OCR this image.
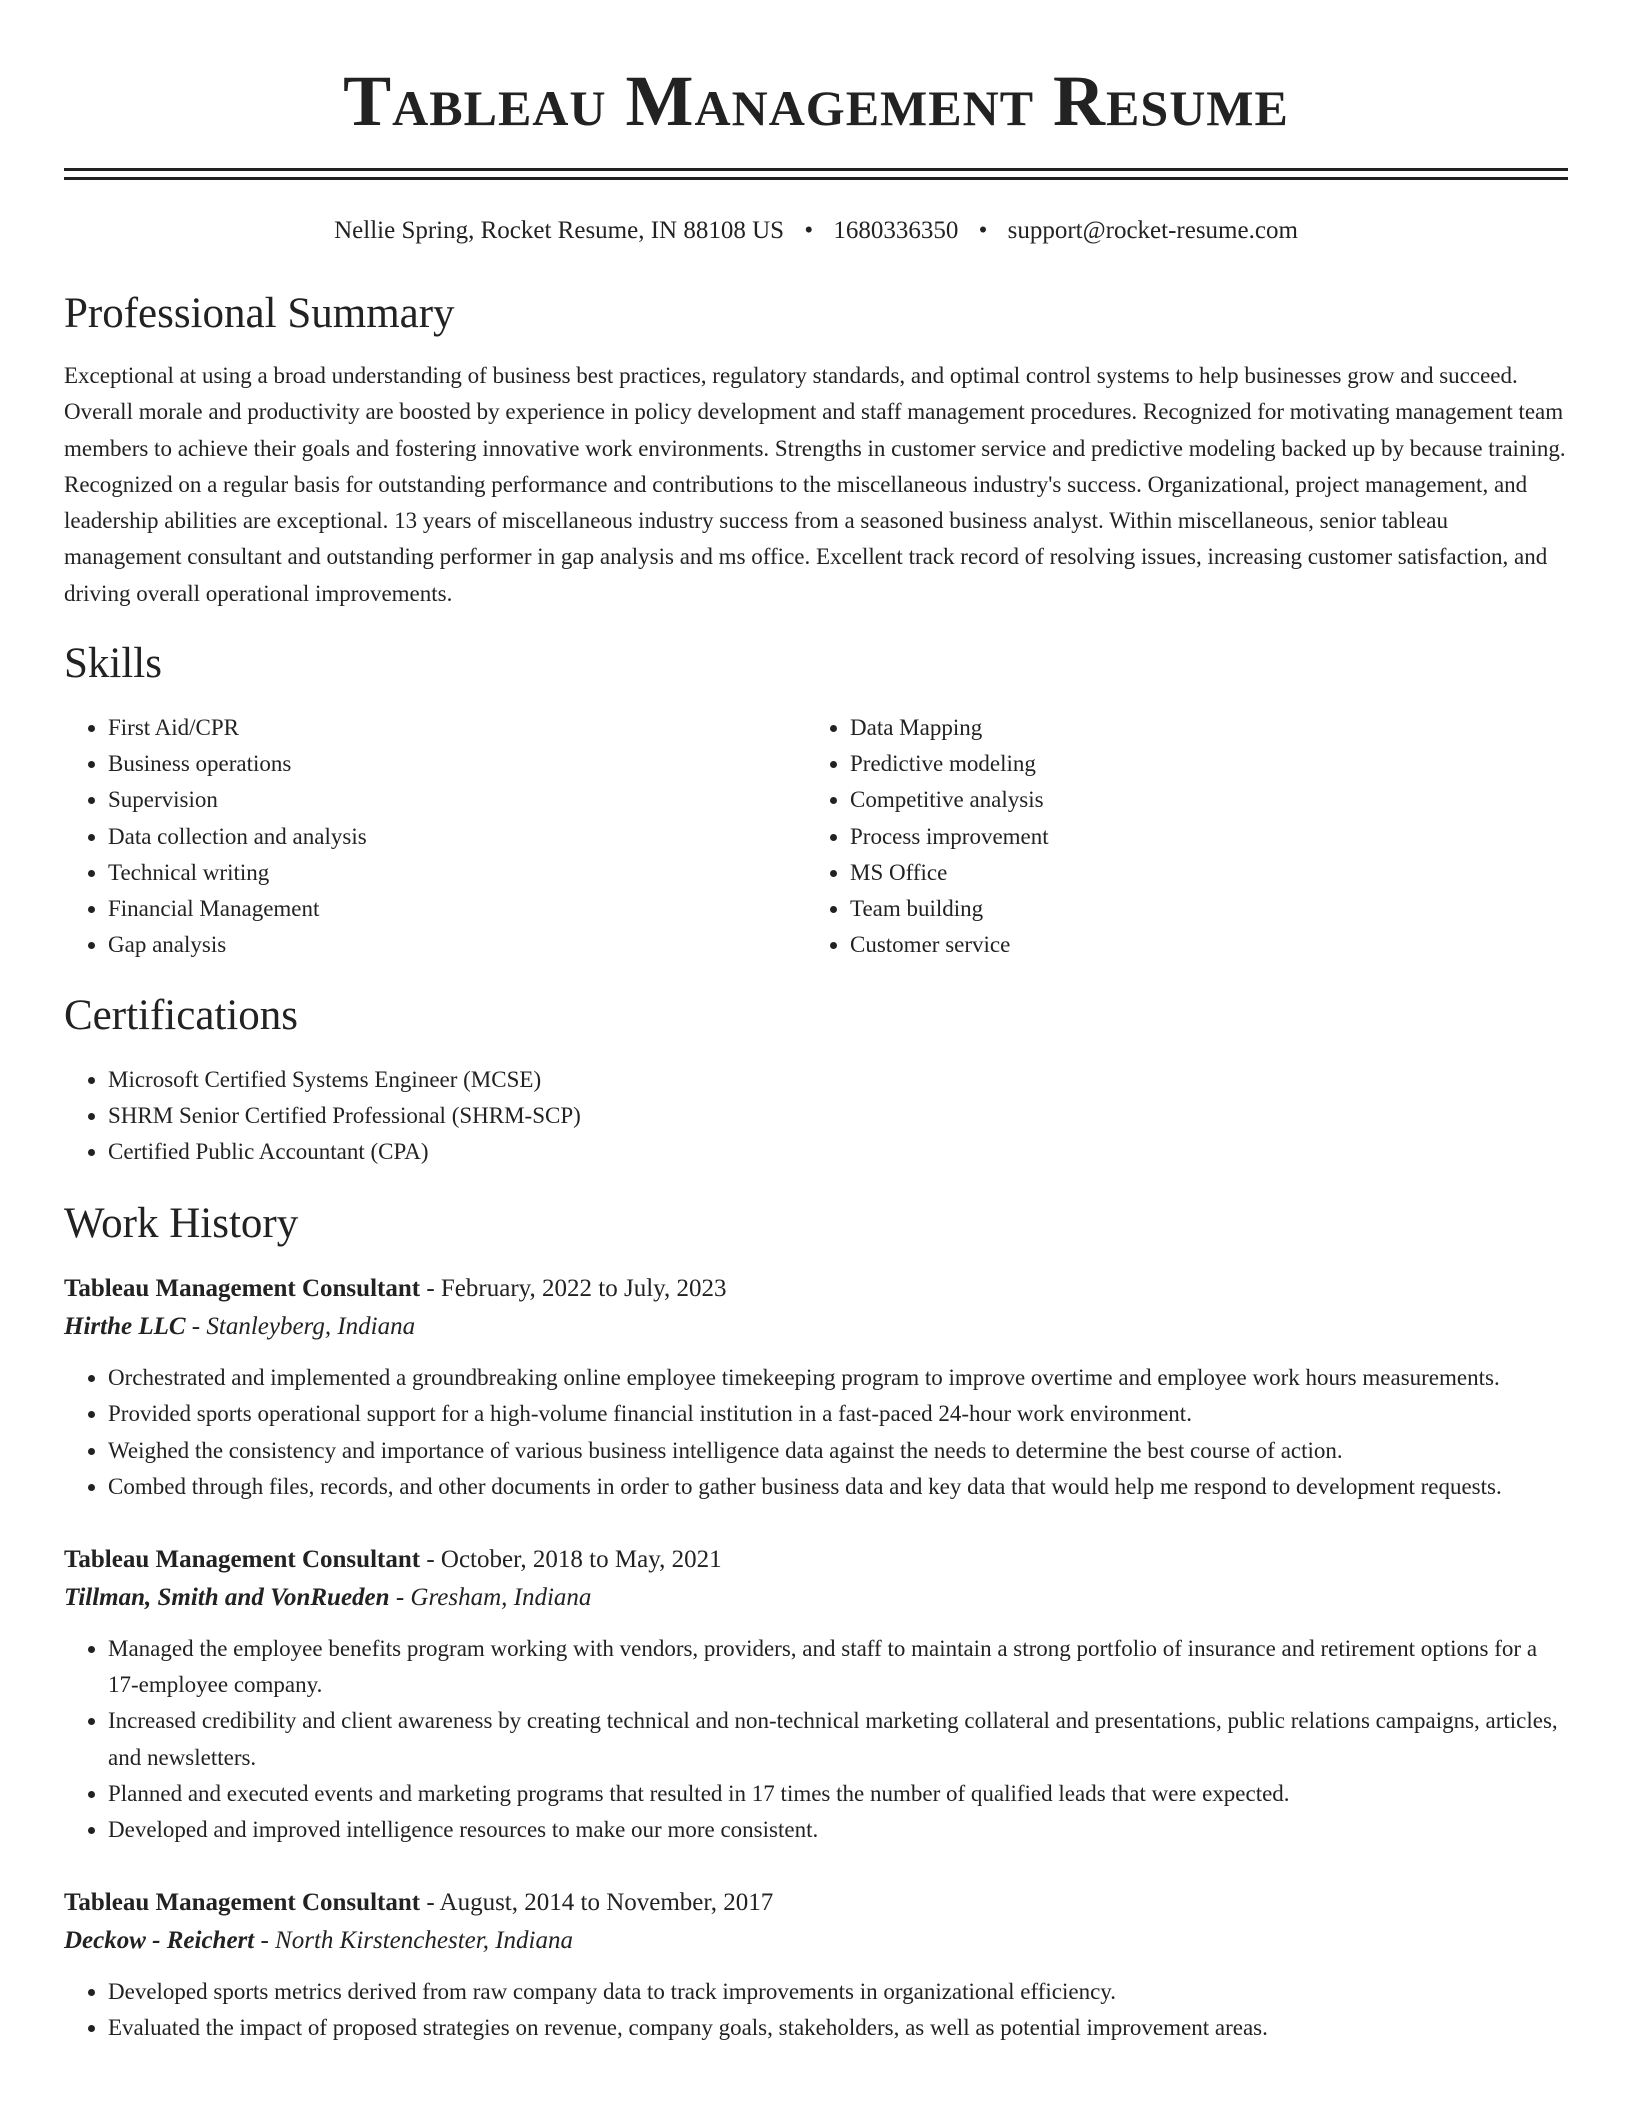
Tableau Management Resume
Nellie Spring, Rocket Resume, IN 88108 US • 1680336350 • support@rocket-resume.com
Professional Summary

Exceptional at using a broad understanding of business best practices, regulatory standards, and optimal control systems to help businesses grow and succeed. Overall morale and productivity are boosted by experience in policy development and staff management procedures. Recognized for motivating management team members to achieve their goals and fostering innovative work environments. Strengths in customer service and predictive modeling backed up by because training. Recognized on a regular basis for outstanding performance and contributions to the miscellaneous industry's success. Organizational, project management, and leadership abilities are exceptional. 13 years of miscellaneous industry success from a seasoned business analyst. Within miscellaneous, senior tableau management consultant and outstanding performer in gap analysis and ms office. Excellent track record of resolving issues, increasing customer satisfaction, and driving overall operational improvements.

Skills
• First Aid/CPR
• Business operations
• Supervision
• Data collection and analysis
• Technical writing
• Financial Management
• Gap analysis
• Data Mapping
• Predictive modeling
• Competitive analysis
• Process improvement
• MS Office
• Team building
• Customer service
Certifications
• Microsoft Certified Systems Engineer (MCSE)
• SHRM Senior Certified Professional (SHRM-SCP)
• Certified Public Accountant (CPA)
Work History
Tableau Management Consultant - February, 2022 to July, 2023
Hirthe LLC - Stanleyberg, Indiana
• Orchestrated and implemented a groundbreaking online employee timekeeping program to improve overtime and employee work hours measurements.
• Provided sports operational support for a high-volume financial institution in a fast-paced 24-hour work environment.
• Weighed the consistency and importance of various business intelligence data against the needs to determine the best course of action.
• Combed through files, records, and other documents in order to gather business data and key data that would help me respond to development requests.
Tableau Management Consultant - October, 2018 to May, 2021
Tillman, Smith and VonRueden - Gresham, Indiana
• Managed the employee benefits program working with vendors, providers, and staff to maintain a strong portfolio of insurance and retirement options for a 17-employee company.
• Increased credibility and client awareness by creating technical and non-technical marketing collateral and presentations, public relations campaigns, articles, and newsletters.
• Planned and executed events and marketing programs that resulted in 17 times the number of qualified leads that were expected.
• Developed and improved intelligence resources to make our more consistent.
Tableau Management Consultant - August, 2014 to November, 2017
Deckow - Reichert - North Kirstenchester, Indiana
• Developed sports metrics derived from raw company data to track improvements in organizational efficiency.
• Evaluated the impact of proposed strategies on revenue, company goals, stakeholders, as well as potential improvement areas.
